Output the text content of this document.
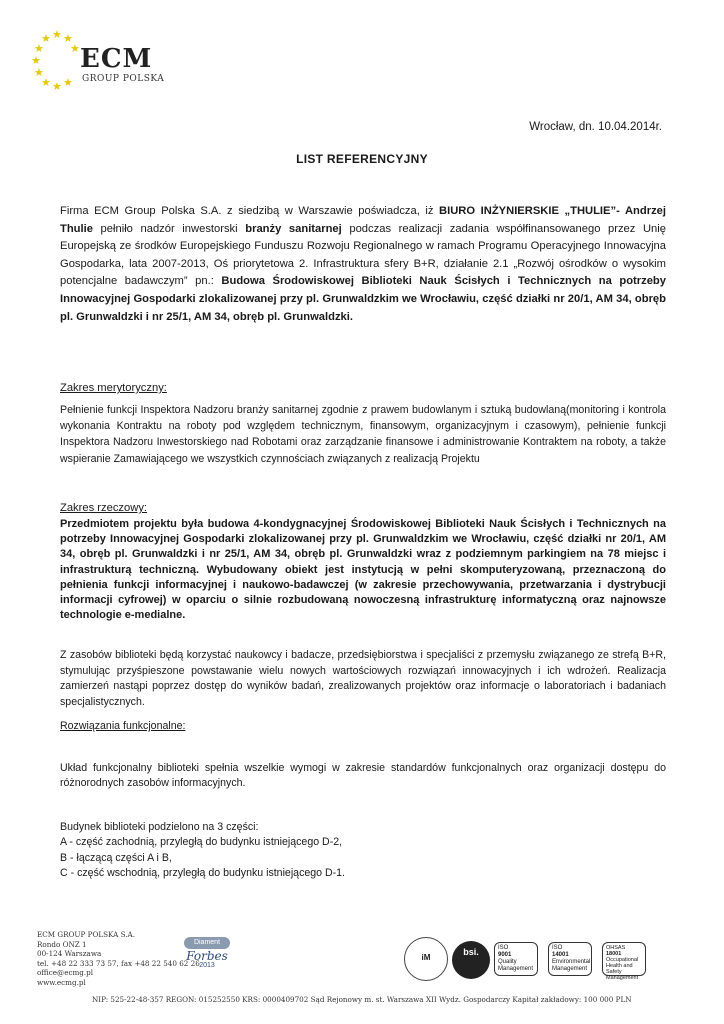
★ ★
★
★
★
★
★
★ ★ ★
ECM
GROUP POLSKA
Wrocław, dn. 10.04.2014r.
LIST REFERENCYJNY
Firma ECM Group Polska S.A. z siedzibą w Warszawie poświadcza, iż BIURO INŻYNIERSKIE „THULIE”- Andrzej Thulie pełniło nadzór inwestorski branży sanitarnej podczas realizacji zadania współfinansowanego przez Unię Europejską ze środków Europejskiego Funduszu Rozwoju Regionalnego w ramach Programu Operacyjnego Innowacyjna Gospodarka, lata 2007-2013, Oś priorytetowa 2. Infrastruktura sfery B+R, działanie 2.1 „Rozwój ośrodków o wysokim potencjalne badawczym” pn.: Budowa Środowiskowej Biblioteki Nauk Ścisłych i Technicznych na potrzeby Innowacyjnej Gospodarki zlokalizowanej przy pl. Grunwaldzkim we Wrocławiu, część działki nr 20/1, AM 34, obręb pl. Grunwaldzki i nr 25/1, AM 34, obręb pl. Grunwaldzki.
Zakres merytoryczny:
Pełnienie funkcji Inspektora Nadzoru branży sanitarnej zgodnie z prawem budowlanym i sztuką budowlaną(monitoring i kontrola wykonania Kontraktu na roboty pod względem technicznym, finansowym, organizacyjnym i czasowym), pełnienie funkcji Inspektora Nadzoru Inwestorskiego nad Robotami oraz zarządzanie finansowe i administrowanie Kontraktem na roboty, a także wspieranie Zamawiającego we wszystkich czynnościach związanych z realizacją Projektu
Zakres rzeczowy:
Przedmiotem projektu była budowa 4-kondygnacyjnej Środowiskowej Biblioteki Nauk Ścisłych i Technicznych na potrzeby Innowacyjnej Gospodarki zlokalizowanej przy pl. Grunwaldzkim we Wrocławiu, część działki nr 20/1, AM 34, obręb pl. Grunwaldzki i nr 25/1, AM 34, obręb pl. Grunwaldzki wraz z podziemnym parkingiem na 78 miejsc i infrastrukturą techniczną. Wybudowany obiekt jest instytucją w pełni skomputeryzowaną, przeznaczoną do pełnienia funkcji informacyjnej i naukowo-badawczej (w zakresie przechowywania, przetwarzania i dystrybucji informacji cyfrowej) w oparciu o silnie rozbudowaną nowoczesną infrastrukturę informatyczną oraz najnowsze technologie e-medialne.
Z zasobów biblioteki będą korzystać naukowcy i badacze, przedsiębiorstwa i specjaliści z przemysłu związanego ze strefą B+R, stymulując przyśpieszone powstawanie wielu nowych wartościowych rozwiązań innowacyjnych i ich wdrożeń. Realizacja zamierzeń nastąpi poprzez dostęp do wyników badań, zrealizowanych projektów oraz informacje o laboratoriach i badaniach specjalistycznych.
Rozwiązania funkcjonalne:
Układ funkcjonalny biblioteki spełnia wszelkie wymogi w zakresie standardów funkcjonalnych oraz organizacji dostępu do różnorodnych zasobów informacyjnych.
Budynek biblioteki podzielono na 3 części:
A - część zachodnią, przyległą do budynku istniejącego D-2,
B - łączącą części A i B,
C - część wschodnią, przyległą do budynku istniejącego D-1.
ECM GROUP POLSKA S.A.
Rondo ONZ 1
00-124 Warszawa
tel. +48 22 333 73 57, fax +48 22 540 62 26
office@ecmg.pl
www.ecmg.pl
Diament
Forbes
2013
iM
bsi.	ISO
9001
Quality
Management
ISO
14001
Environmental
Management
OHSAS
18001
Occupational
Health and Safety
Management
NIP: 525-22-48-357 REGON: 015252550 KRS: 0000409702 Sąd Rejonowy m. st. Warszawa XII Wydz. Gospodarczy Kapitał zakładowy: 100 000 PLN
